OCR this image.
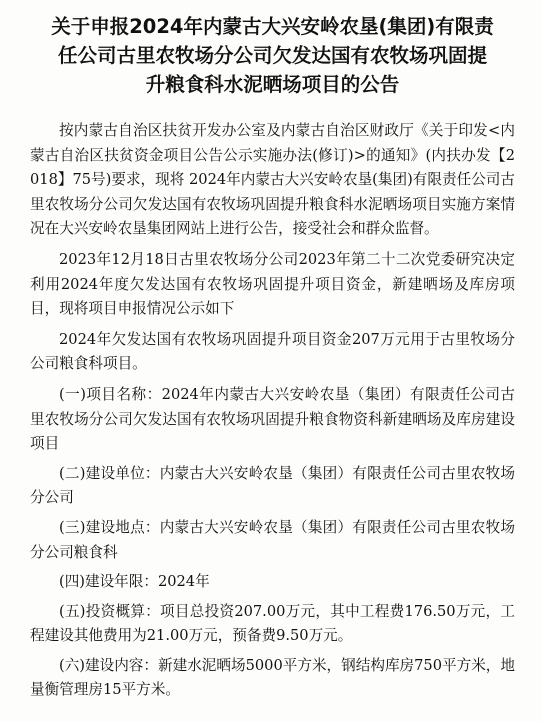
关于申报2024年内蒙古大兴安岭农垦(集团)有限责
任公司古里农牧场分公司欠发达国有农牧场巩固提
升粮食科水泥晒场项目的公告

按内蒙古自治区扶贫开发办公室及内蒙古自治区财政厅《关于印发<内蒙古自治区扶贫资金项目公告公示实施办法(修订)>的通知》(内扶办发【2018】75号)要求，现将 2024年内蒙古大兴安岭农垦(集团)有限责任公司古里农牧场分公司欠发达国有农牧场巩固提升粮食科水泥晒场项目实施方案情况在大兴安岭农垦集团网站上进行公告，接受社会和群众监督。

2023年12月18日古里农牧场分公司2023年第二十二次党委研究决定利用2024年度欠发达国有农牧场巩固提升项目资金，新建晒场及库房项目，现将项目申报情况公示如下

2024年欠发达国有农牧场巩固提升项目资金207万元用于古里牧场分公司粮食科项目。

(一)项目名称：2024年内蒙古大兴安岭农垦（集团）有限责任公司古里农牧场分公司欠发达国有农牧场巩固提升粮食物资科新建晒场及库房建设项目

(二)建设单位：内蒙古大兴安岭农垦（集团）有限责任公司古里农牧场分公司

(三)建设地点：内蒙古大兴安岭农垦（集团）有限责任公司古里农牧场分公司粮食科

(四)建设年限：2024年

(五)投资概算：项目总投资207.00万元，其中工程费176.50万元，工程建设其他费用为21.00万元，预备费9.50万元。

(六)建设内容：新建水泥晒场5000平方米，钢结构库房750平方米，地量衡管理房15平方米。
